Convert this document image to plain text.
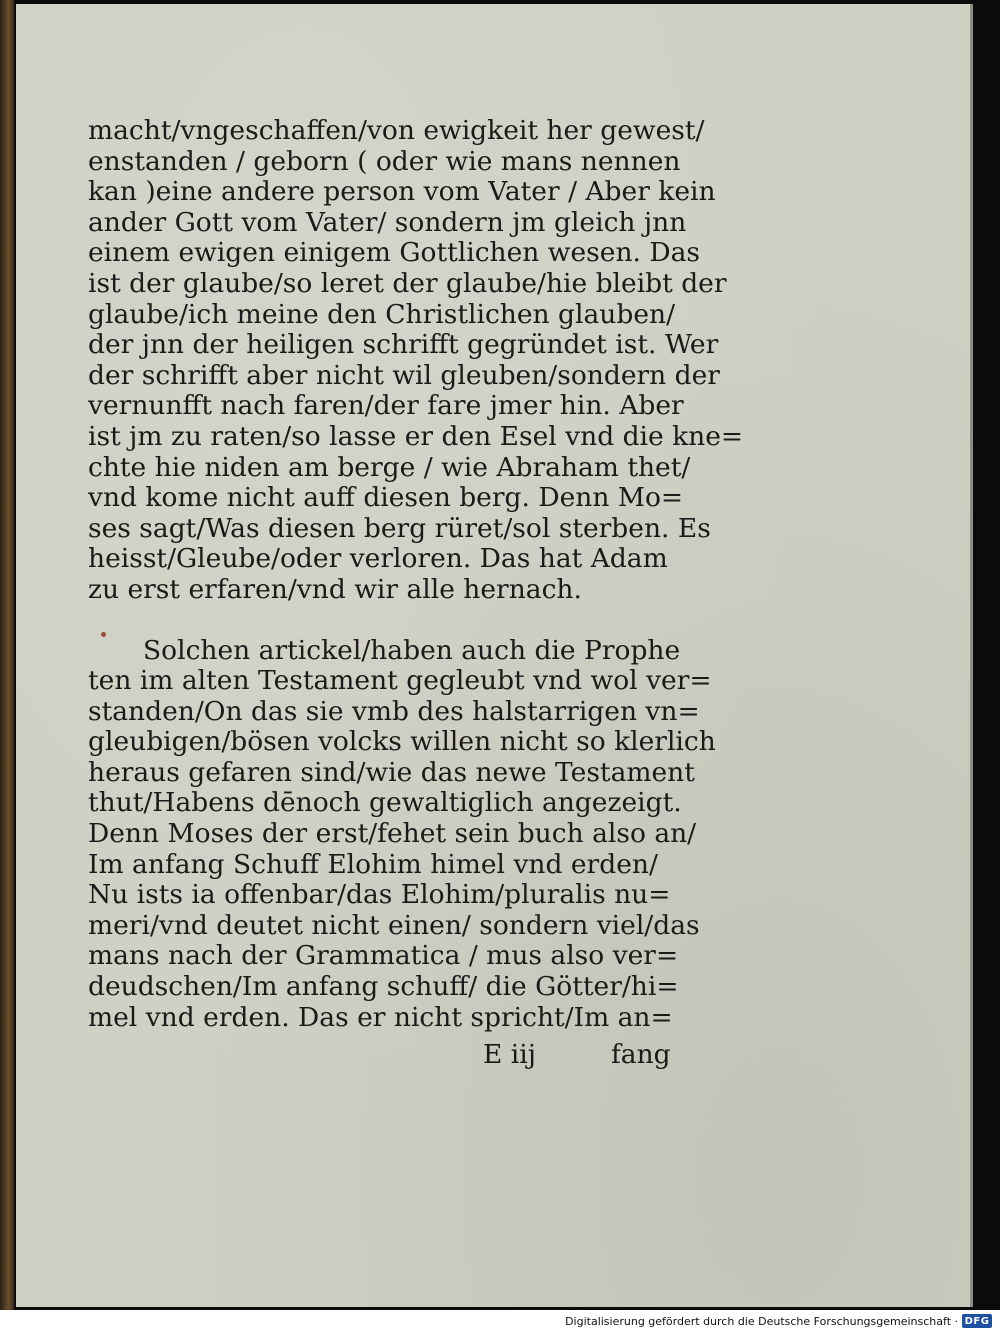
macht/vngeschaffen/von ewigkeit her gewest/
enstanden / geborn ( oder wie mans nennen
kan )eine andere person vom Vater / Aber kein
ander Gott vom Vater/ sondern jm gleich jnn
einem ewigen einigem Gottlichen wesen. Das
ist der glaube/so leret der glaube/hie bleibt der
glaube/ich meine den Christlichen glauben/
der jnn der heiligen schrifft gegründet ist. Wer
der schrifft aber nicht wil gleuben/sondern der
vernunfft nach faren/der fare jmer hin. Aber
ist jm zu raten/so lasse er den Esel vnd die kne=
chte hie niden am berge / wie Abraham thet/
vnd kome nicht auff diesen berg. Denn Mo=
ses sagt/Was diesen berg rüret/sol sterben. Es
heisst/Gleube/oder verloren. Das hat Adam
zu erst erfaren/vnd wir alle hernach.
Solchen artickel/haben auch die Prophe
ten im alten Testament gegleubt vnd wol ver=
standen/On das sie vmb des halstarrigen vn=
gleubigen/bösen volcks willen nicht so klerlich
heraus gefaren sind/wie das newe Testament
thut/Habens dēnoch gewaltiglich angezeigt.
Denn Moses der erst/fehet sein buch also an/
Im anfang Schuff Elohim himel vnd erden/
Nu ists ia offenbar/das Elohim/pluralis nu=
meri/vnd deutet nicht einen/ sondern viel/das
mans nach der Grammatica / mus also ver=
deudschen/Im anfang schuff/ die Götter/hi=
mel vnd erden. Das er nicht spricht/Im an=
E iij	fang
Digitalisierung gefördert durch die Deutsche Forschungsgemeinschaft · DFG
